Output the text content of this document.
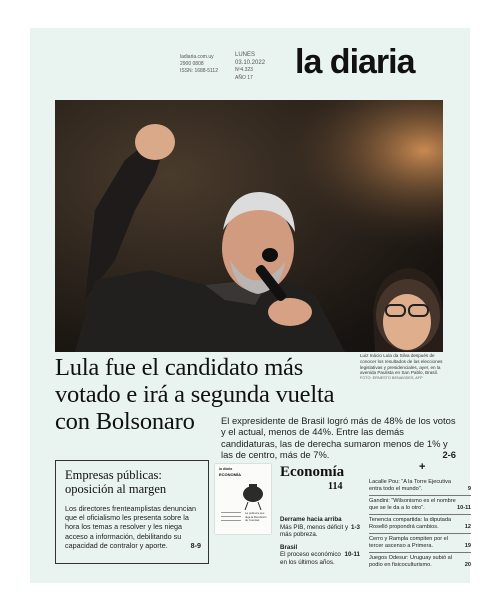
ladiaria.com.uy
2900 0808
ISSN: 1688-5112
LUNES
03.10.2022
Nº4.323
AÑO 17	la diaria
Luiz Inácio Lula da Silva después de conocer los resultados de las elecciones legislativas y presidenciales, ayer, en la avenida Paulista en San Pablo, Brasil.
FOTO: ERNESTO BENAVIDES, AFP
Lula fue el candidato más votado e irá a segunda vuelta con Bolsonaro	El expresidente de Brasil logró más de 48% de los votos y el actual, menos de 44%. Entre las demás candidaturas, las de derecha sumaron menos de 1% y las de centro, más de 7%.	2-6
Empresas públicas: oposición al margen
Los directores frenteamplistas denuncian que el oficialismo les presenta sobre la hora los temas a resolver y les niega acceso a información, debilitando su capacidad de contralor y aporte.	8-9
la diaria
ECONOMÍA
La pobreza que deja la Rendición de Cuentas
Economía
114
Derrame hacia arriba
1-3
Más PIB, menos déficit y más pobreza.
Brasil
10-11
El proceso económico en los últimos años.
+
Lacalle Pou: “A la Torre Ejecutiva entra todo el mundo”.	9
Gandini: “Wilsonismo es el nombre que se le da a lo otro”.	10-11
Tenencia compartida: la diputada Roselló propondrá cambios.	12
Cerro y Rampla compiten por el tercer ascenso a Primera.	19
Juegos Odesur: Uruguay subió al podio en fisicoculturismo.	20
